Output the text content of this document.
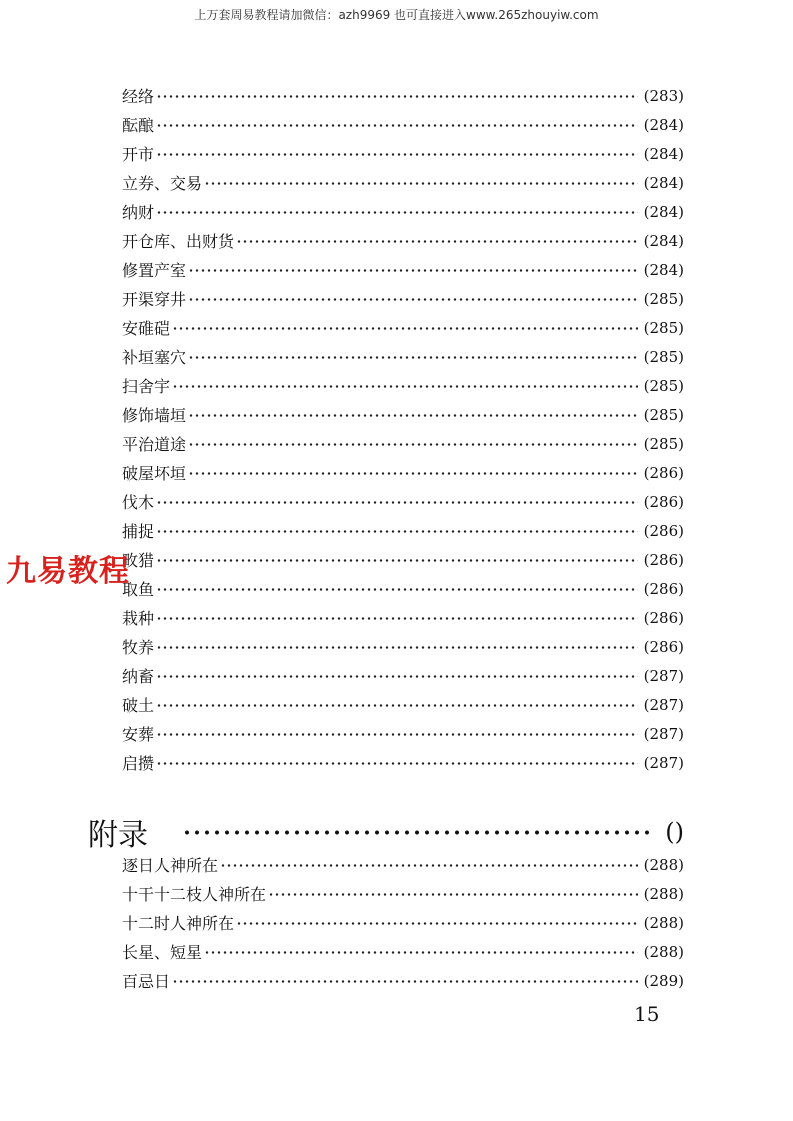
上万套周易教程请加微信：azh9969 也可直接进入www.265zhouyiw.com
九易教程
经络	(283)
酝酿	(284)
开市	(284)
立券、交易	(284)
纳财	(284)
开仓库、出财货	(284)
修置产室	(284)
开渠穿井	(285)
安碓硙	(285)
补垣塞穴	(285)
扫舍宇	(285)
修饰墙垣	(285)
平治道途	(285)
破屋坏垣	(286)
伐木	(286)
捕捉	(286)
畋猎	(286)
取鱼	(286)
栽种	(286)
牧养	(286)
纳畜	(287)
破土	(287)
安葬	(287)
启攒	(287)
附录	()
逐日人神所在	(288)
十干十二枝人神所在	(288)
十二时人神所在	(288)
长星、短星	(288)
百忌日	(289)
15
